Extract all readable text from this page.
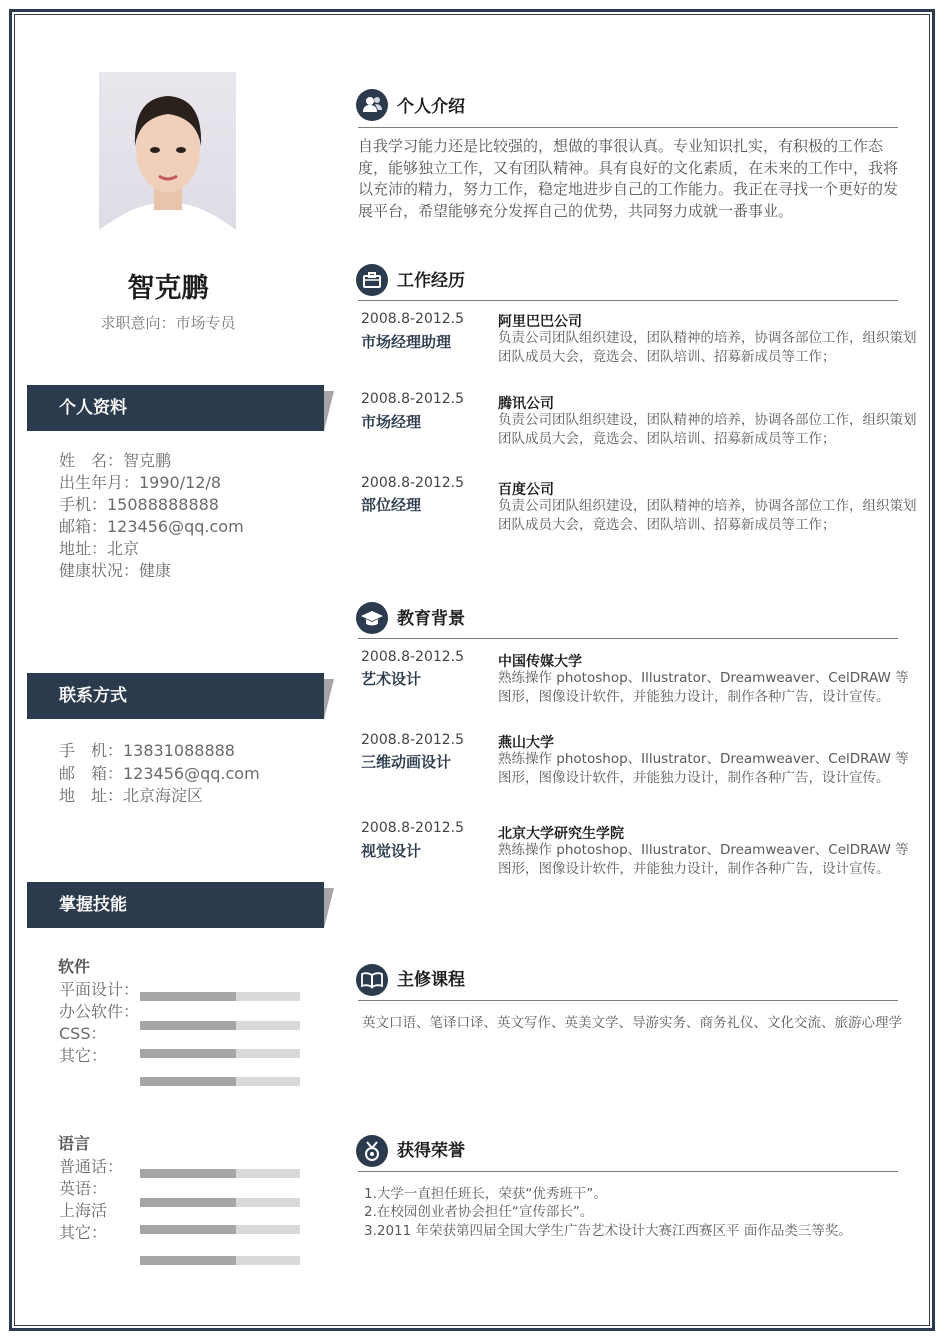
智克鹏
求职意向：市场专员
个人资料
姓　名：智克鹏
出生年月：1990/12/8
手机：15088888888
邮箱：123456@qq.com
地址：北京
健康状况：健康
联系方式
手　机：13831088888
邮　箱：123456@qq.com
地　址：北京海淀区
掌握技能
软件
平面设计：
办公软件：
CSS：
其它：
语言
普通话：
英语：
上海活
其它：
个人介绍
自我学习能力还是比较强的，想做的事很认真。专业知识扎实，有积极的工作态度，能够独立工作，又有团队精神。具有良好的文化素质，在未来的工作中，我将以充沛的精力，努力工作，稳定地进步自己的工作能力。我正在寻找一个更好的发展平台，希望能够充分发挥自己的优势，共同努力成就一番事业。
工作经历
2008.8-2012.5
市场经理助理
阿里巴巴公司
负责公司团队组织建设，团队精神的培养，协调各部位工作，组织策划团队成员大会，竟选会、团队培训、招募新成员等工作；
2008.8-2012.5
市场经理
腾讯公司
负责公司团队组织建设，团队精神的培养，协调各部位工作，组织策划团队成员大会，竟选会、团队培训、招募新成员等工作；
2008.8-2012.5
部位经理
百度公司
负责公司团队组织建设，团队精神的培养，协调各部位工作，组织策划团队成员大会，竟选会、团队培训、招募新成员等工作；
教育背景
2008.8-2012.5
艺术设计
中国传媒大学
熟练操作 photoshop、Illustrator、Dreamweaver、CelDRAW 等图形，图像设计软件，并能独力设计，制作各种广告，设计宣传。
2008.8-2012.5
三维动画设计
燕山大学
熟练操作 photoshop、Illustrator、Dreamweaver、CelDRAW 等图形，图像设计软件，并能独力设计，制作各种广告，设计宣传。
2008.8-2012.5
视觉设计
北京大学研究生学院
熟练操作 photoshop、Illustrator、Dreamweaver、CelDRAW 等图形，图像设计软件，并能独力设计，制作各种广告，设计宣传。
主修课程
英文口语、笔译口译、英文写作、英美文学、导游实务、商务礼仪、文化交流、旅游心理学
获得荣誉
1.大学一直担任班长，荣获“优秀班干”。
2.在校园创业者协会担任“宣传部长”。
3.2011 年荣获第四届全国大学生广告艺术设计大赛江西赛区平 面作品类三等奖。
